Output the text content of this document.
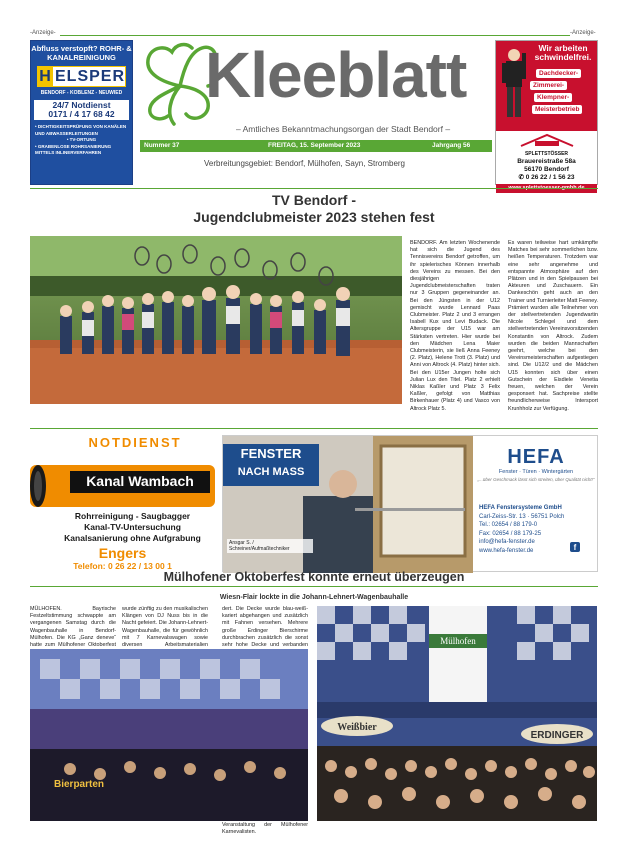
-Anzeige-	-Anzeige-
Abfluss verstopft? ROHR- & KANALREINIGUNG
H ELSPER
BENDORF - KOBLENZ - NEUWIED
24/7 Notdienst
0171 / 4 17 68 42
• DICHTIGKEITSPRÜFUNG VON KANÄLEN UND ABWASSERLEITUNGEN
• TV-ORTUNG
• GRABENLOSE ROHRSANIERUNG MITTELS INLINERVERFAHREN
Kleeblatt
– Amtliches Bekanntmachungsorgan der Stadt Bendorf –
Nummer 37	FREITAG, 15. September 2023	Jahrgang 56
Verbreitungsgebiet: Bendorf, Mülhofen, Sayn, Stromberg
Wir arbeiten schwindelfrei.
Dachdecker-
Zimmerei-
Klempner-
Meisterbetrieb
SPLETTSTÖSSER
Brauereistraße 58a
56170 Bendorf
✆ 0 26 22 / 1 56 23
TV Bendorf -
Jugendclubmeister 2023 stehen fest
BENDORF. Am letzten Wochenende hat sich die Jugend des Tennisvereins Bendorf getroffen, um ihr spielerisches Können innerhalb des Vereins zu messen. Bei den diesjährigen Jugendclubmeisterschaften traten nur 3 Gruppen gegeneinander an. Bei den Jüngsten in der U12 gemischt wurde Lennard Paas Clubmeister. Platz 2 und 3 errangen Isabell Kux und Levi Budack. Die Altersgruppe der U15 war am Stärksten vertreten. Hier wurde bei den Mädchen Lena Maier Clubmeisterin, sie ließ Anna Feeney (2. Platz), Helene Trott (3. Platz) und Anni von Altrock (4. Platz) hinter sich. Bei den U15er Jungen holte sich Julian Lux den Titel. Platz 2 erhielt Niklas Kaßler und Platz 3 Felix Kaßler, gefolgt von Matthias Birkenhauer (Platz 4) und Vasco von Altrock Platz 5.
Es waren teilweise hart umkämpfte Matches bei sehr sommerlichen bzw. heißen Temperaturen. Trotzdem war eine sehr angenehme und entspannte Atmosphäre auf den Plätzen und in den Spielpausen bei Akteuren und Zuschauern. Ein Dankeschön geht auch an den Trainer und Turnierleiter Matt Feeney. Prämiert wurden alle Teilnehmer von der stellvertretenden Jugendwartin Nicole Schlegel und dem stellvertretenden Vereinsvorsitzenden Konstantin von Altrock. Zudem wurden die beiden Mannschaften geehrt, welche bei den Vereinsmeisterschaften aufgestiegen sind. Die U12/2 und die Mädchen U15 konnten sich über einen Gutschein der Eisdiele Venetia freuen, welchen der Verein gesponsert hat. Sachpreise stellte freundlicherweise Intersport Krunhholz zur Verfügung.
NOTDIENST
Kanal Wambach
Rohrreinigung - Saugbagger
Kanal-TV-Untersuchung
Kanalsanierung ohne Aufgrabung
Engers
Telefon: 0 26 22 / 13 00 1
FENSTER
NACH MASS
Ansgar S. / Schreiner/Aufmaßtechniker
HEFA
Fenster · Türen · Wintergärten
„...über Geschmack lässt sich streiten, über Qualität nicht!“
HEFA Fenstersysteme GmbH
Carl-Zeiss-Str. 13 · 56751 Polch
Tel.: 02654 / 88 179-0
Fax: 02654 / 88 179-25
info@hefa-fenster.de
www.hefa-fenster.de	f
Mülhofener Oktoberfest konnte erneut überzeugen
Wiesn-Flair lockte in die Johann-Lehnert-Wagenbauhalle
MÜLHOFEN. Bayrische Festzeltstimmung schwappte am vergangenen Samstag durch die Wagenbauhalle in Bendorf-Mülhofen. Die KG „Ganz deneve“ hatte zum Mülhofener Oktoberfest
wurde zünftig zu den musikalischen Klängen von DJ Nuss bis in die Nacht gefeiert. Die Johann-Lehnert-Wagenbauhalle, die für gewöhnlich mit 7 Karnevalswagen sowie diversen Arbeitsmaterialien
dert. Die Decke wurde blau-weiß-kariert abgehangen und zusätzlich mit Fahnen versehen. Mehrere große Erdinger Bierschirme durchbrachen zusätzlich die sonst sehr hohe Decke und verbanden Veranstaltung der Mülhofener Karnevalisten.
Bierparten
Mülhofen
Weißbier
ERDINGER
